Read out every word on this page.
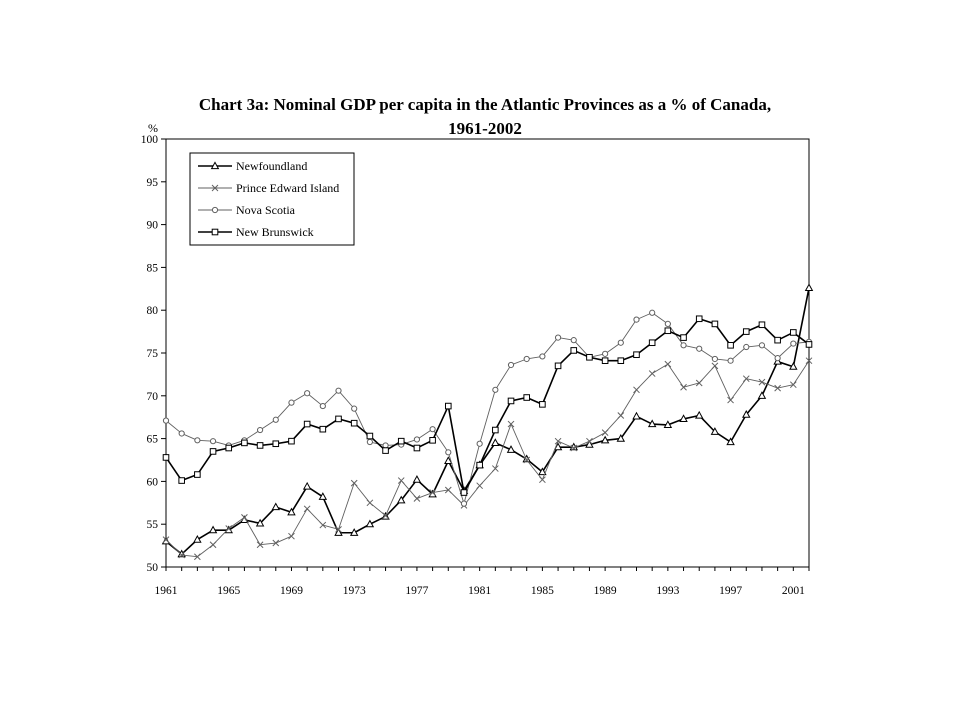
Chart 3a: Nominal GDP per capita in the Atlantic Provinces as a % of Canada,
1961-2002
%
50
55
60
65
70
75
80
85
90
95
100
1961	1965	1969	1973	1977	1981	1985	1989	1993	1997	2001
Newfoundland
Prince Edward Island
Nova Scotia
New Brunswick
